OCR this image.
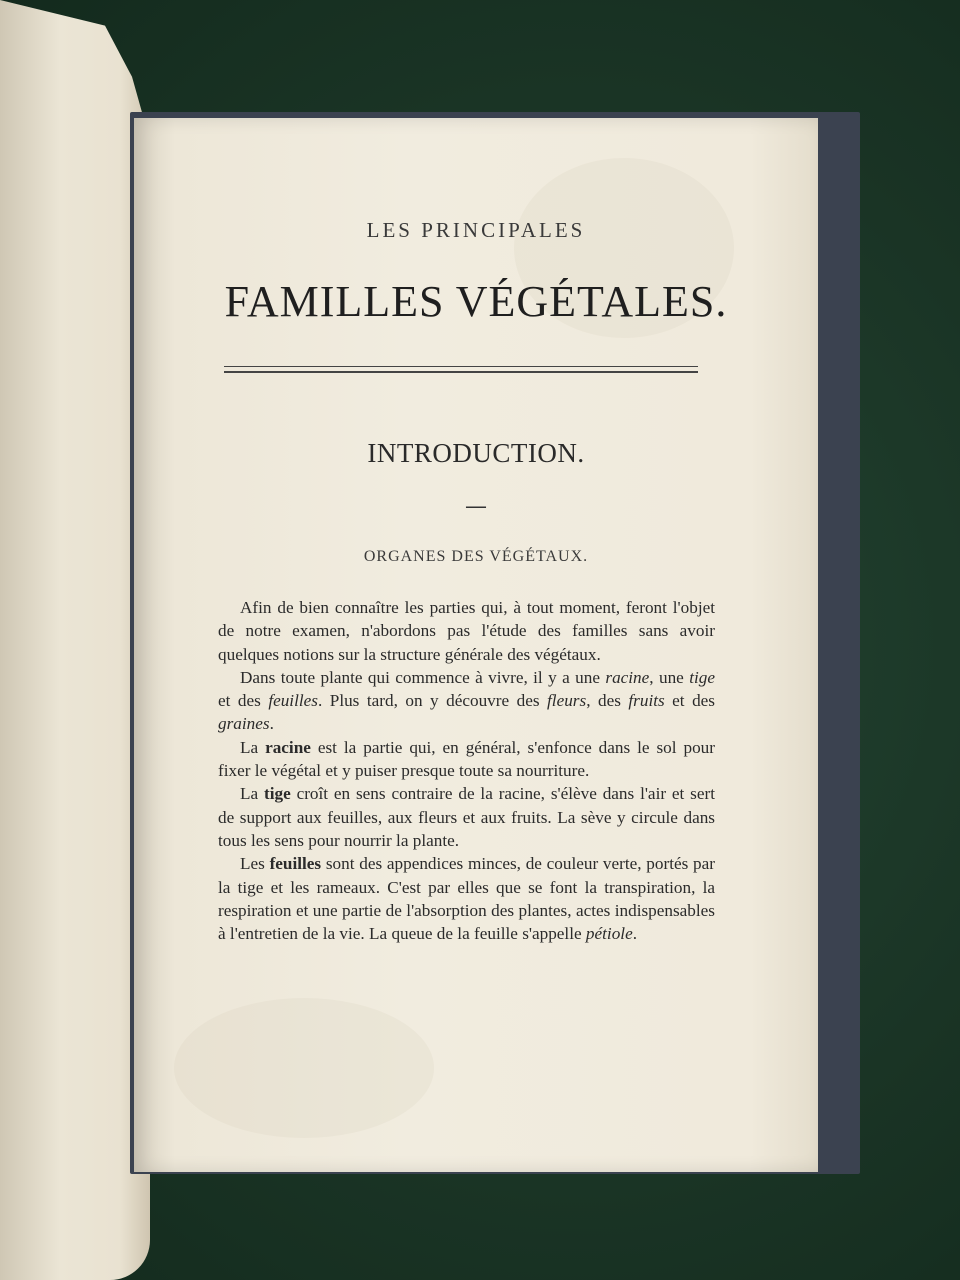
LES PRINCIPALES
FAMILLES VÉGÉTALES.
INTRODUCTION.
—
ORGANES DES VÉGÉTAUX.

Afin de bien connaître les parties qui, à tout moment, feront l'objet de notre examen, n'abordons pas l'étude des familles sans avoir quelques notions sur la structure générale des végétaux.

Dans toute plante qui commence à vivre, il y a une racine, une tige et des feuilles. Plus tard, on y découvre des fleurs, des fruits et des graines.

La racine est la partie qui, en général, s'enfonce dans le sol pour fixer le végétal et y puiser presque toute sa nourriture.

La tige croît en sens contraire de la racine, s'élève dans l'air et sert de support aux feuilles, aux fleurs et aux fruits. La sève y circule dans tous les sens pour nourrir la plante.

Les feuilles sont des appendices minces, de couleur verte, portés par la tige et les rameaux. C'est par elles que se font la transpiration, la respiration et une partie de l'absorption des plantes, actes indispensables à l'entretien de la vie. La queue de la feuille s'appelle pétiole.
